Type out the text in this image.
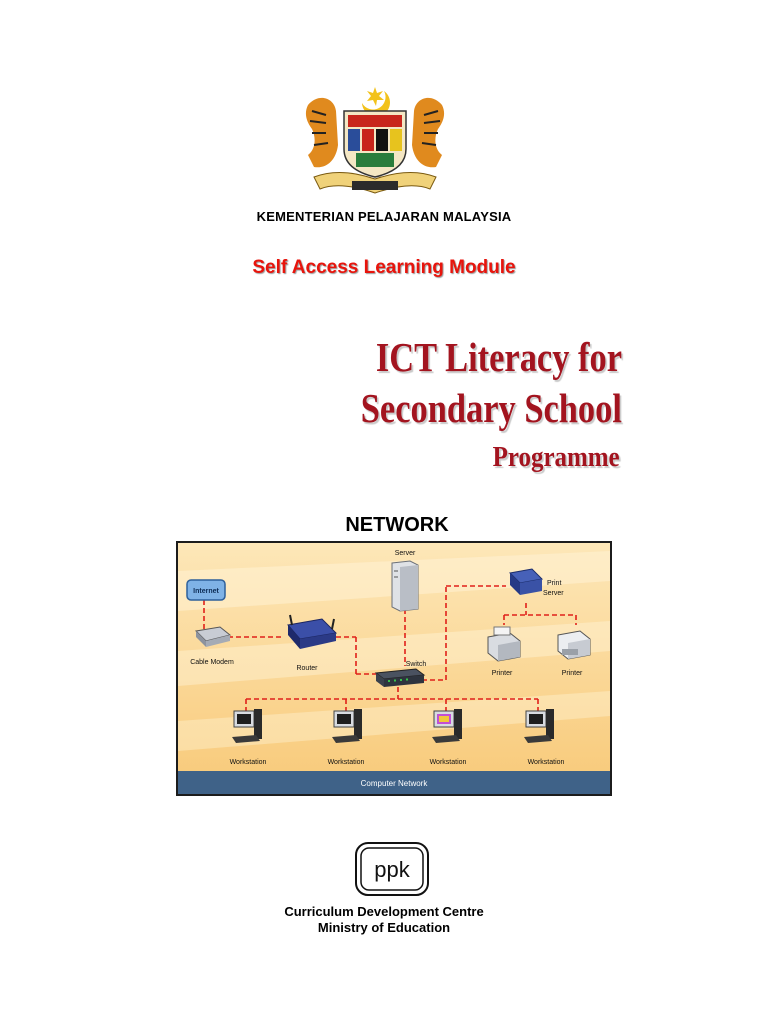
KEMENTERIAN PELAJARAN MALAYSIA
Self Access Learning Module
ICT Literacy for
Secondary School
Programme
NETWORK
Internet
Cable Modem
Router
Server
Switch
Print
Server
Printer	Printer
Workstation	Workstation	Workstation	Workstation
Computer Network
ppk
Curriculum Development Centre
Ministry of Education
